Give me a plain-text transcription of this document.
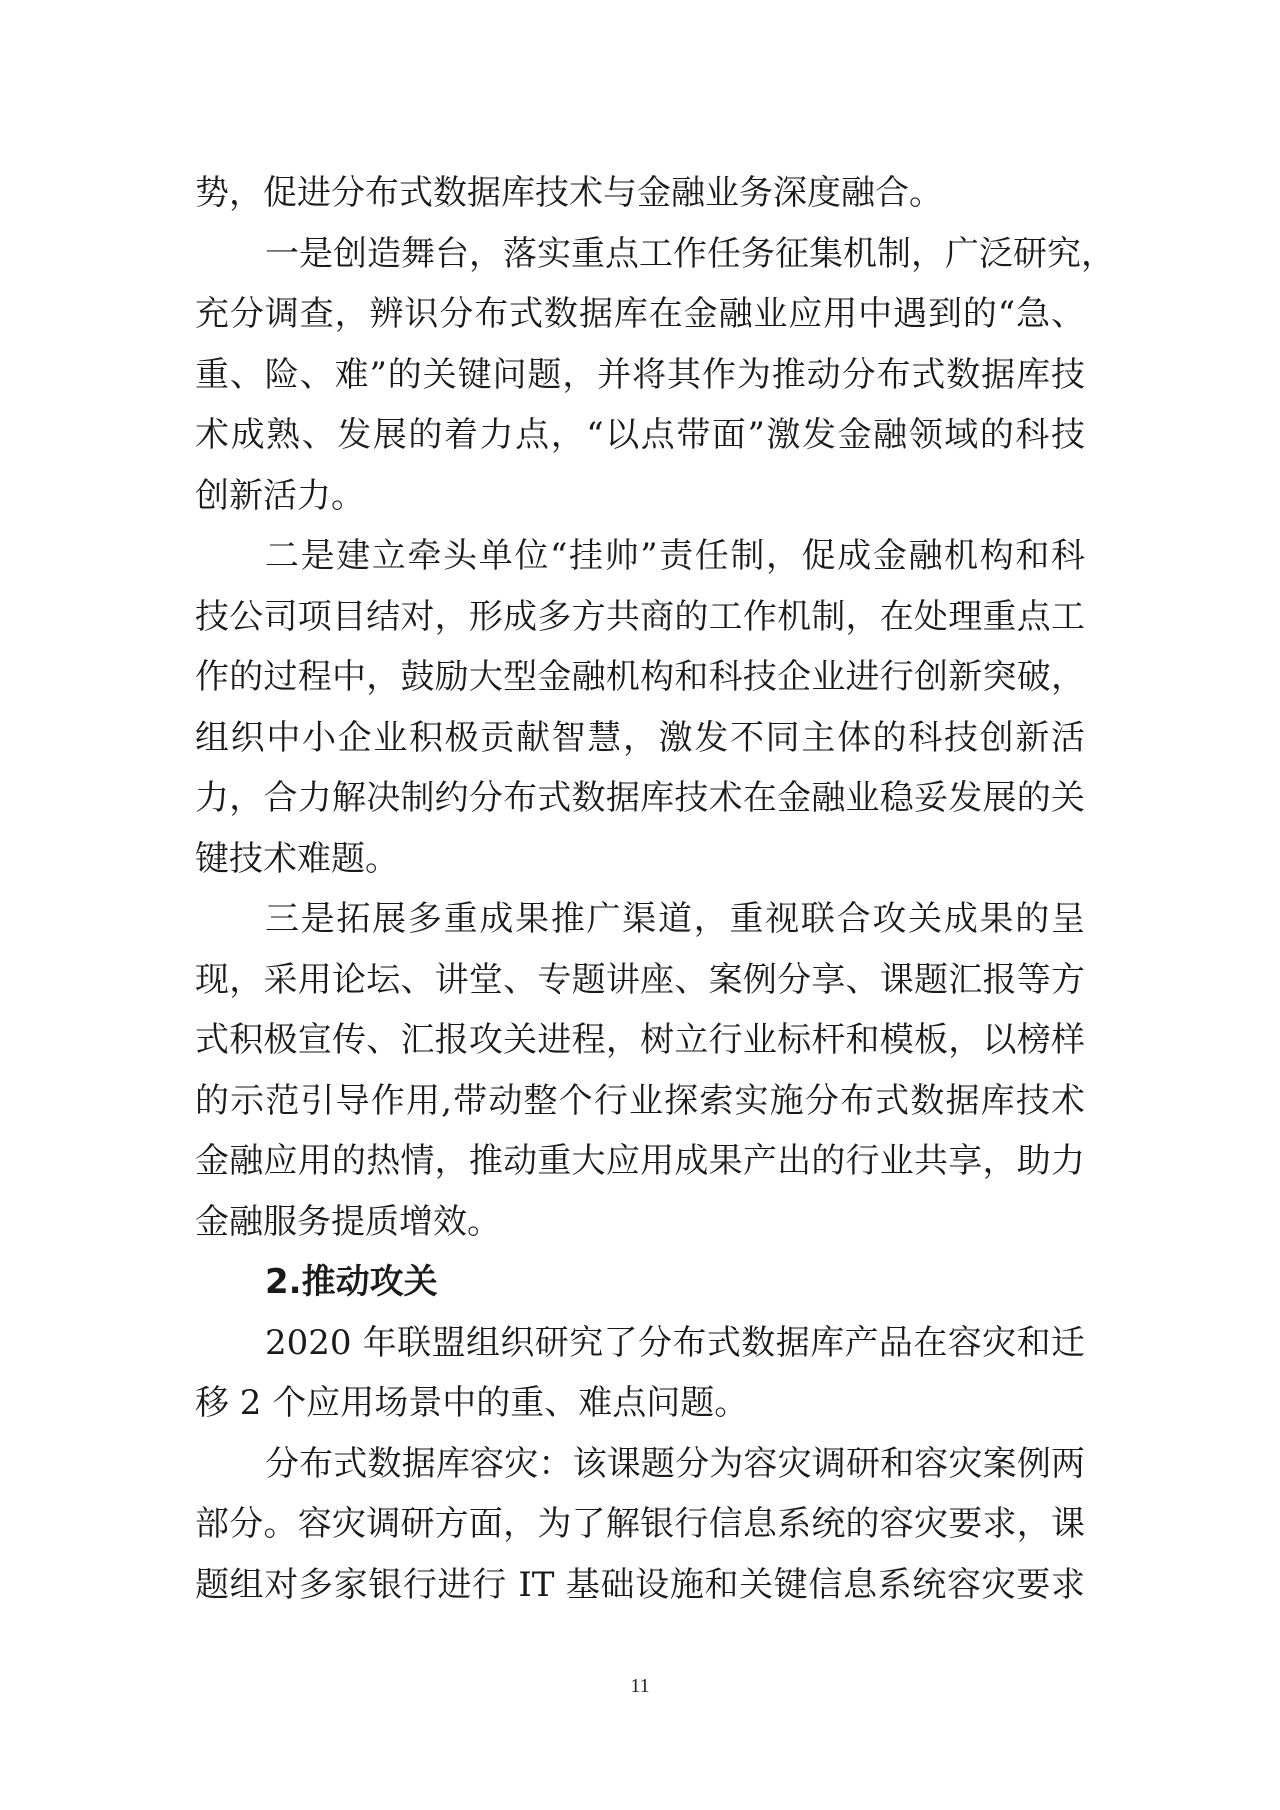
势，促进分布式数据库技术与金融业务深度融合。
一是创造舞台，落实重点工作任务征集机制，广泛研究，
充分调查，辨识分布式数据库在金融业应用中遇到的“急、
重、险、难”的关键问题，并将其作为推动分布式数据库技
术成熟、发展的着力点，“以点带面”激发金融领域的科技
创新活力。
二是建立牵头单位“挂帅”责任制，促成金融机构和科
技公司项目结对，形成多方共商的工作机制，在处理重点工
作的过程中，鼓励大型金融机构和科技企业进行创新突破，
组织中小企业积极贡献智慧，激发不同主体的科技创新活
力，合力解决制约分布式数据库技术在金融业稳妥发展的关
键技术难题。
三是拓展多重成果推广渠道，重视联合攻关成果的呈
现，采用论坛、讲堂、专题讲座、案例分享、课题汇报等方
式积极宣传、汇报攻关进程，树立行业标杆和模板，以榜样
的示范引导作用,带动整个行业探索实施分布式数据库技术
金融应用的热情，推动重大应用成果产出的行业共享，助力
金融服务提质增效。
2.推动攻关
2020 年联盟组织研究了分布式数据库产品在容灾和迁
移 2 个应用场景中的重、难点问题。
分布式数据库容灾：该课题分为容灾调研和容灾案例两
部分。容灾调研方面，为了解银行信息系统的容灾要求，课
题组对多家银行进行 IT 基础设施和关键信息系统容灾要求
11
